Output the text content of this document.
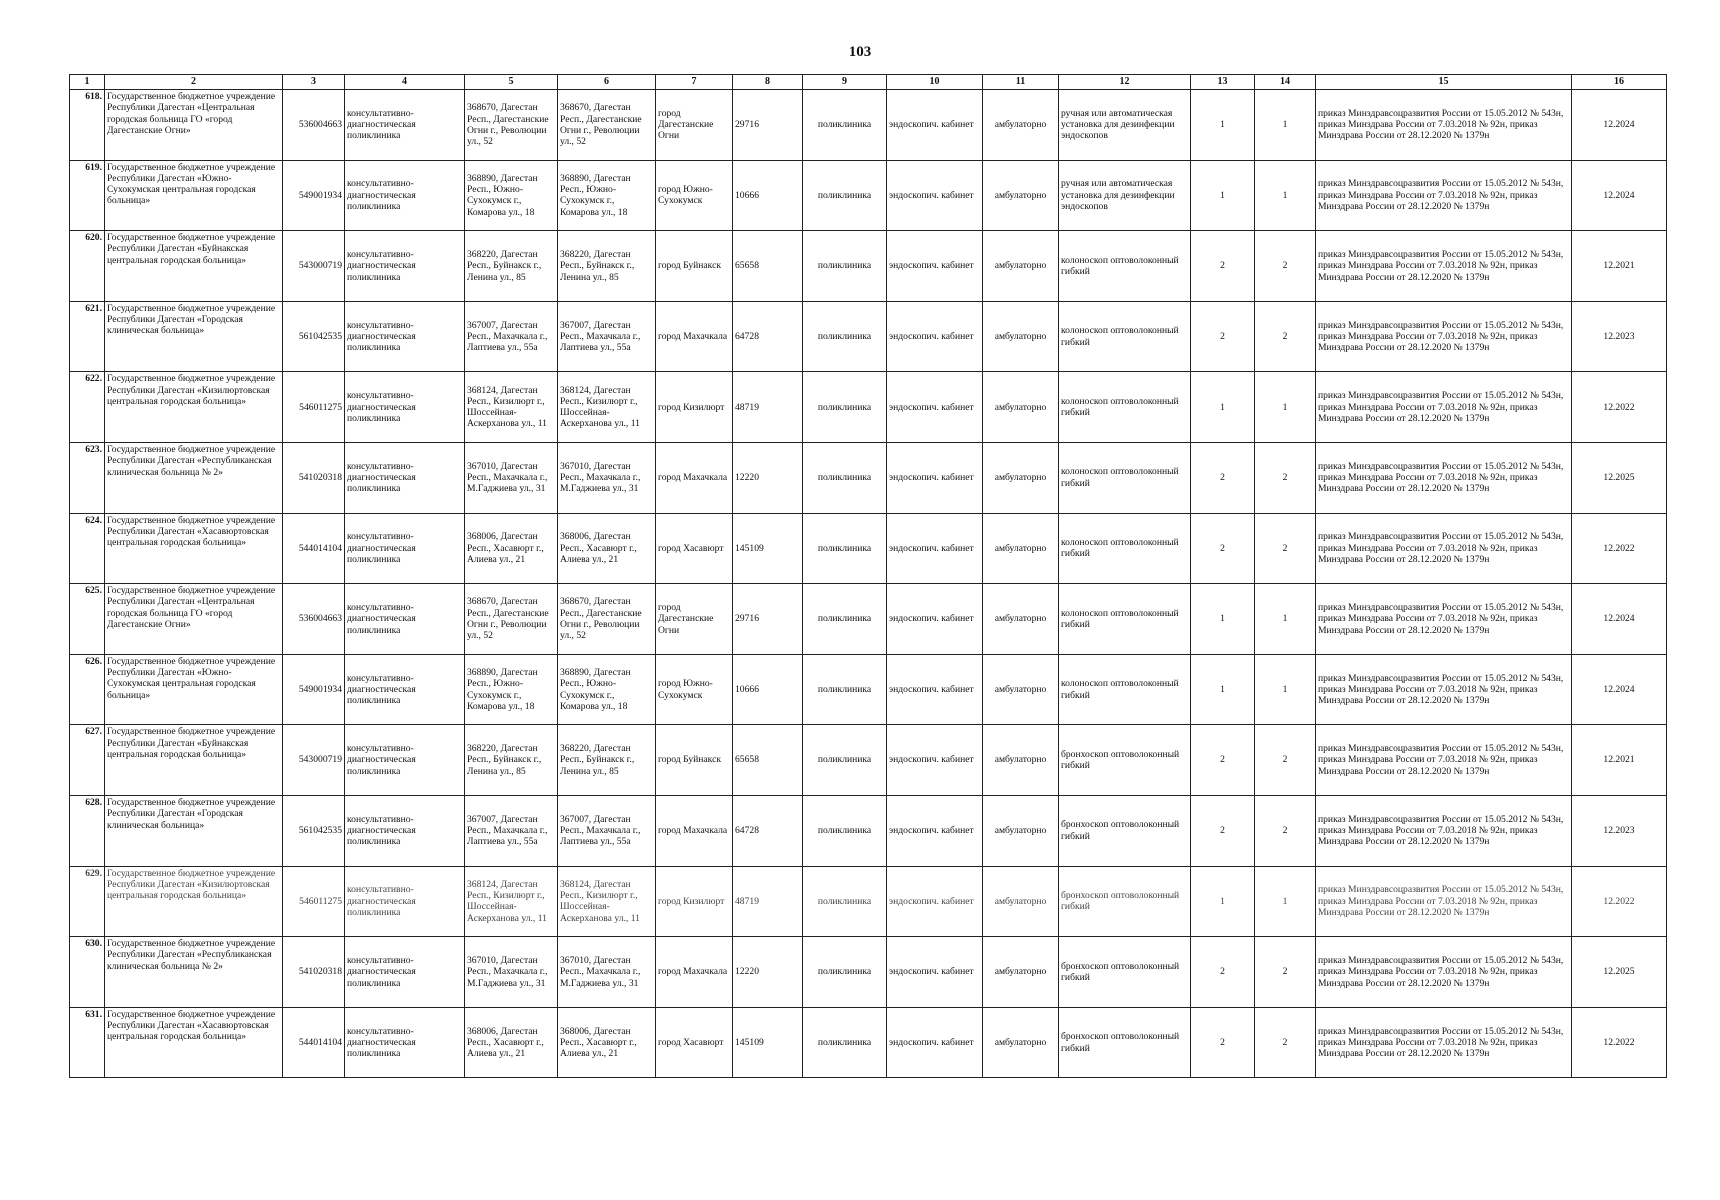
103
1	2	3	4	5	6	7	8	9	10	11	12	13	14	15	16
618.	Государственное бюджетное учреждение Республики Дагестан «Центральная городская больница ГО «город Дагестанские Огни»	536004663	консультативно-диагностическая поликлиника	368670, Дагестан Респ., Дагестанские Огни г., Революции ул., 52	368670, Дагестан Респ., Дагестанские Огни г., Революции ул., 52	город Дагестанские Огни	29716	поликлиника	эндоскопич. кабинет	амбулаторно	ручная или автоматическая установка для дезинфекции эндоскопов	1	1	приказ Минздравсоцразвития России от 15.05.2012 № 543н, приказ Минздрава России от 7.03.2018 № 92н, приказ Минздрава России от 28.12.2020 № 1379н	12.2024
619.	Государственное бюджетное учреждение Республики Дагестан «Южно-Сухокумская центральная городская больница»	549001934	консультативно-диагностическая поликлиника	368890, Дагестан Респ., Южно-Сухокумск г., Комарова ул., 18	368890, Дагестан Респ., Южно-Сухокумск г., Комарова ул., 18	город Южно-Сухокумск	10666	поликлиника	эндоскопич. кабинет	амбулаторно	ручная или автоматическая установка для дезинфекции эндоскопов	1	1	приказ Минздравсоцразвития России от 15.05.2012 № 543н, приказ Минздрава России от 7.03.2018 № 92н, приказ Минздрава России от 28.12.2020 № 1379н	12.2024
620.	Государственное бюджетное учреждение Республики Дагестан «Буйнакская центральная городская больница»	543000719	консультативно-диагностическая поликлиника	368220, Дагестан Респ., Буйнакск г., Ленина ул., 85	368220, Дагестан Респ., Буйнакск г., Ленина ул., 85	город Буйнакск	65658	поликлиника	эндоскопич. кабинет	амбулаторно	колоноскоп оптоволоконный гибкий	2	2	приказ Минздравсоцразвития России от 15.05.2012 № 543н, приказ Минздрава России от 7.03.2018 № 92н, приказ Минздрава России от 28.12.2020 № 1379н	12.2021
621.	Государственное бюджетное учреждение Республики Дагестан «Городская клиническая больница»	561042535	консультативно-диагностическая поликлиника	367007, Дагестан Респ., Махачкала г., Лаптиева ул., 55а	367007, Дагестан Респ., Махачкала г., Лаптиева ул., 55а	город Махачкала	64728	поликлиника	эндоскопич. кабинет	амбулаторно	колоноскоп оптоволоконный гибкий	2	2	приказ Минздравсоцразвития России от 15.05.2012 № 543н, приказ Минздрава России от 7.03.2018 № 92н, приказ Минздрава России от 28.12.2020 № 1379н	12.2023
622.	Государственное бюджетное учреждение Республики Дагестан «Кизилюртовская центральная городская больница»	546011275	консультативно-диагностическая поликлиника	368124, Дагестан Респ., Кизилюрт г., Шоссейная-Аскерханова ул., 11	368124, Дагестан Респ., Кизилюрт г., Шоссейная-Аскерханова ул., 11	город Кизилюрт	48719	поликлиника	эндоскопич. кабинет	амбулаторно	колоноскоп оптоволоконный гибкий	1	1	приказ Минздравсоцразвития России от 15.05.2012 № 543н, приказ Минздрава России от 7.03.2018 № 92н, приказ Минздрава России от 28.12.2020 № 1379н	12.2022
623.	Государственное бюджетное учреждение Республики Дагестан «Республиканская клиническая больница № 2»	541020318	консультативно-диагностическая поликлиника	367010, Дагестан Респ., Махачкала г., М.Гаджиева ул., 31	367010, Дагестан Респ., Махачкала г., М.Гаджиева ул., 31	город Махачкала	12220	поликлиника	эндоскопич. кабинет	амбулаторно	колоноскоп оптоволоконный гибкий	2	2	приказ Минздравсоцразвития России от 15.05.2012 № 543н, приказ Минздрава России от 7.03.2018 № 92н, приказ Минздрава России от 28.12.2020 № 1379н	12.2025
624.	Государственное бюджетное учреждение Республики Дагестан «Хасавюртовская центральная городская больница»	544014104	консультативно-диагностическая поликлиника	368006, Дагестан Респ., Хасавюрт г., Алиева ул., 21	368006, Дагестан Респ., Хасавюрт г., Алиева ул., 21	город Хасавюрт	145109	поликлиника	эндоскопич. кабинет	амбулаторно	колоноскоп оптоволоконный гибкий	2	2	приказ Минздравсоцразвития России от 15.05.2012 № 543н, приказ Минздрава России от 7.03.2018 № 92н, приказ Минздрава России от 28.12.2020 № 1379н	12.2022
625.	Государственное бюджетное учреждение Республики Дагестан «Центральная городская больница ГО «город Дагестанские Огни»	536004663	консультативно-диагностическая поликлиника	368670, Дагестан Респ., Дагестанские Огни г., Революции ул., 52	368670, Дагестан Респ., Дагестанские Огни г., Революции ул., 52	город Дагестанские Огни	29716	поликлиника	эндоскопич. кабинет	амбулаторно	колоноскоп оптоволоконный гибкий	1	1	приказ Минздравсоцразвития России от 15.05.2012 № 543н, приказ Минздрава России от 7.03.2018 № 92н, приказ Минздрава России от 28.12.2020 № 1379н	12.2024
626.	Государственное бюджетное учреждение Республики Дагестан «Южно-Сухокумская центральная городская больница»	549001934	консультативно-диагностическая поликлиника	368890, Дагестан Респ., Южно-Сухокумск г., Комарова ул., 18	368890, Дагестан Респ., Южно-Сухокумск г., Комарова ул., 18	город Южно-Сухокумск	10666	поликлиника	эндоскопич. кабинет	амбулаторно	колоноскоп оптоволоконный гибкий	1	1	приказ Минздравсоцразвития России от 15.05.2012 № 543н, приказ Минздрава России от 7.03.2018 № 92н, приказ Минздрава России от 28.12.2020 № 1379н	12.2024
627.	Государственное бюджетное учреждение Республики Дагестан «Буйнакская центральная городская больница»	543000719	консультативно-диагностическая поликлиника	368220, Дагестан Респ., Буйнакск г., Ленина ул., 85	368220, Дагестан Респ., Буйнакск г., Ленина ул., 85	город Буйнакск	65658	поликлиника	эндоскопич. кабинет	амбулаторно	бронхоскоп оптоволоконный гибкий	2	2	приказ Минздравсоцразвития России от 15.05.2012 № 543н, приказ Минздрава России от 7.03.2018 № 92н, приказ Минздрава России от 28.12.2020 № 1379н	12.2021
628.	Государственное бюджетное учреждение Республики Дагестан «Городская клиническая больница»	561042535	консультативно-диагностическая поликлиника	367007, Дагестан Респ., Махачкала г., Лаптиева ул., 55а	367007, Дагестан Респ., Махачкала г., Лаптиева ул., 55а	город Махачкала	64728	поликлиника	эндоскопич. кабинет	амбулаторно	бронхоскоп оптоволоконный гибкий	2	2	приказ Минздравсоцразвития России от 15.05.2012 № 543н, приказ Минздрава России от 7.03.2018 № 92н, приказ Минздрава России от 28.12.2020 № 1379н	12.2023
629.	Государственное бюджетное учреждение Республики Дагестан «Кизилюртовская центральная городская больница»	546011275	консультативно-диагностическая поликлиника	368124, Дагестан Респ., Кизилюрт г., Шоссейная-Аскерханова ул., 11	368124, Дагестан Респ., Кизилюрт г., Шоссейная-Аскерханова ул., 11	город Кизилюрт	48719	поликлиника	эндоскопич. кабинет	амбулаторно	бронхоскоп оптоволоконный гибкий	1	1	приказ Минздравсоцразвития России от 15.05.2012 № 543н, приказ Минздрава России от 7.03.2018 № 92н, приказ Минздрава России от 28.12.2020 № 1379н	12.2022
630.	Государственное бюджетное учреждение Республики Дагестан «Республиканская клиническая больница № 2»	541020318	консультативно-диагностическая поликлиника	367010, Дагестан Респ., Махачкала г., М.Гаджиева ул., 31	367010, Дагестан Респ., Махачкала г., М.Гаджиева ул., 31	город Махачкала	12220	поликлиника	эндоскопич. кабинет	амбулаторно	бронхоскоп оптоволоконный гибкий	2	2	приказ Минздравсоцразвития России от 15.05.2012 № 543н, приказ Минздрава России от 7.03.2018 № 92н, приказ Минздрава России от 28.12.2020 № 1379н	12.2025
631.	Государственное бюджетное учреждение Республики Дагестан «Хасавюртовская центральная городская больница»	544014104	консультативно-диагностическая поликлиника	368006, Дагестан Респ., Хасавюрт г., Алиева ул., 21	368006, Дагестан Респ., Хасавюрт г., Алиева ул., 21	город Хасавюрт	145109	поликлиника	эндоскопич. кабинет	амбулаторно	бронхоскоп оптоволоконный гибкий	2	2	приказ Минздравсоцразвития России от 15.05.2012 № 543н, приказ Минздрава России от 7.03.2018 № 92н, приказ Минздрава России от 28.12.2020 № 1379н	12.2022
